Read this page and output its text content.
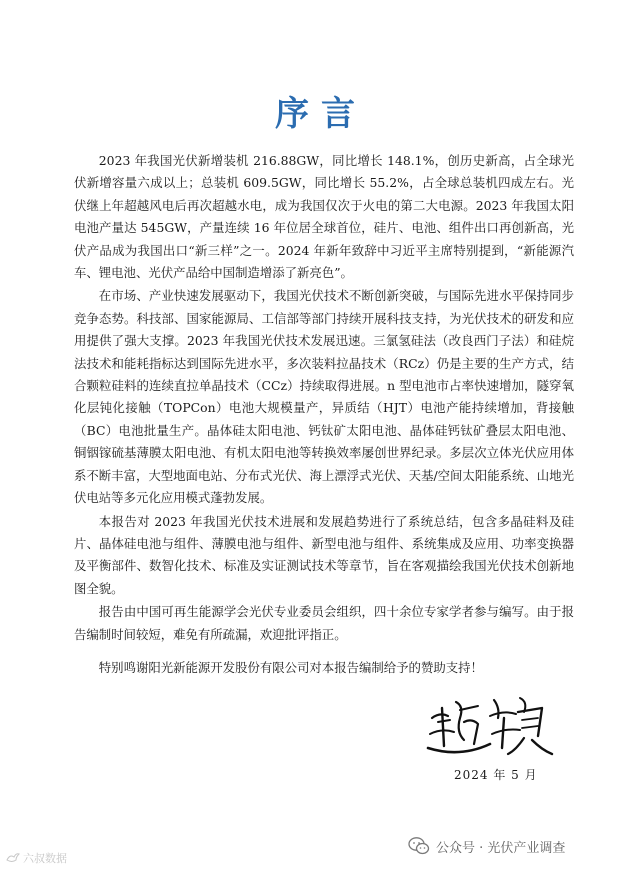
序言

2023 年我国光伏新增装机 216.88GW，同比增长 148.1%，创历史新高，占全球光伏新增容量六成以上；总装机 609.5GW，同比增长 55.2%，占全球总装机四成左右。光伏继上年超越风电后再次超越水电，成为我国仅次于火电的第二大电源。2023 年我国太阳电池产量达 545GW，产量连续 16 年位居全球首位，硅片、电池、组件出口再创新高，光伏产品成为我国出口“新三样”之一。2024 年新年致辞中习近平主席特别提到，“新能源汽车、锂电池、光伏产品给中国制造增添了新亮色”。

在市场、产业快速发展驱动下，我国光伏技术不断创新突破，与国际先进水平保持同步竞争态势。科技部、国家能源局、工信部等部门持续开展科技支持，为光伏技术的研发和应用提供了强大支撑。2023 年我国光伏技术发展迅速。三氯氢硅法（改良西门子法）和硅烷法技术和能耗指标达到国际先进水平，多次装料拉晶技术（RCz）仍是主要的生产方式，结合颗粒硅料的连续直拉单晶技术（CCz）持续取得进展。n 型电池市占率快速增加，隧穿氧化层钝化接触（TOPCon）电池大规模量产，异质结（HJT）电池产能持续增加，背接触（BC）电池批量生产。晶体硅太阳电池、钙钛矿太阳电池、晶体硅钙钛矿叠层太阳电池、铜铟镓硫基薄膜太阳电池、有机太阳电池等转换效率屡创世界纪录。多层次立体光伏应用体系不断丰富，大型地面电站、分布式光伏、海上漂浮式光伏、天基/空间太阳能系统、山地光伏电站等多元化应用模式蓬勃发展。

本报告对 2023 年我国光伏技术进展和发展趋势进行了系统总结，包含多晶硅料及硅片、晶体硅电池与组件、薄膜电池与组件、新型电池与组件、系统集成及应用、功率变换器及平衡部件、数智化技术、标准及实证测试技术等章节，旨在客观描绘我国光伏技术创新地图全貌。

报告由中国可再生能源学会光伏专业委员会组织，四十余位专家学者参与编写。由于报告编制时间较短，难免有所疏漏，欢迎批评指正。

特别鸣谢阳光新能源开发股份有限公司对本报告编制给予的赞助支持！
2024 年 5 月
六叔数据
公众号 · 光伏产业调查
